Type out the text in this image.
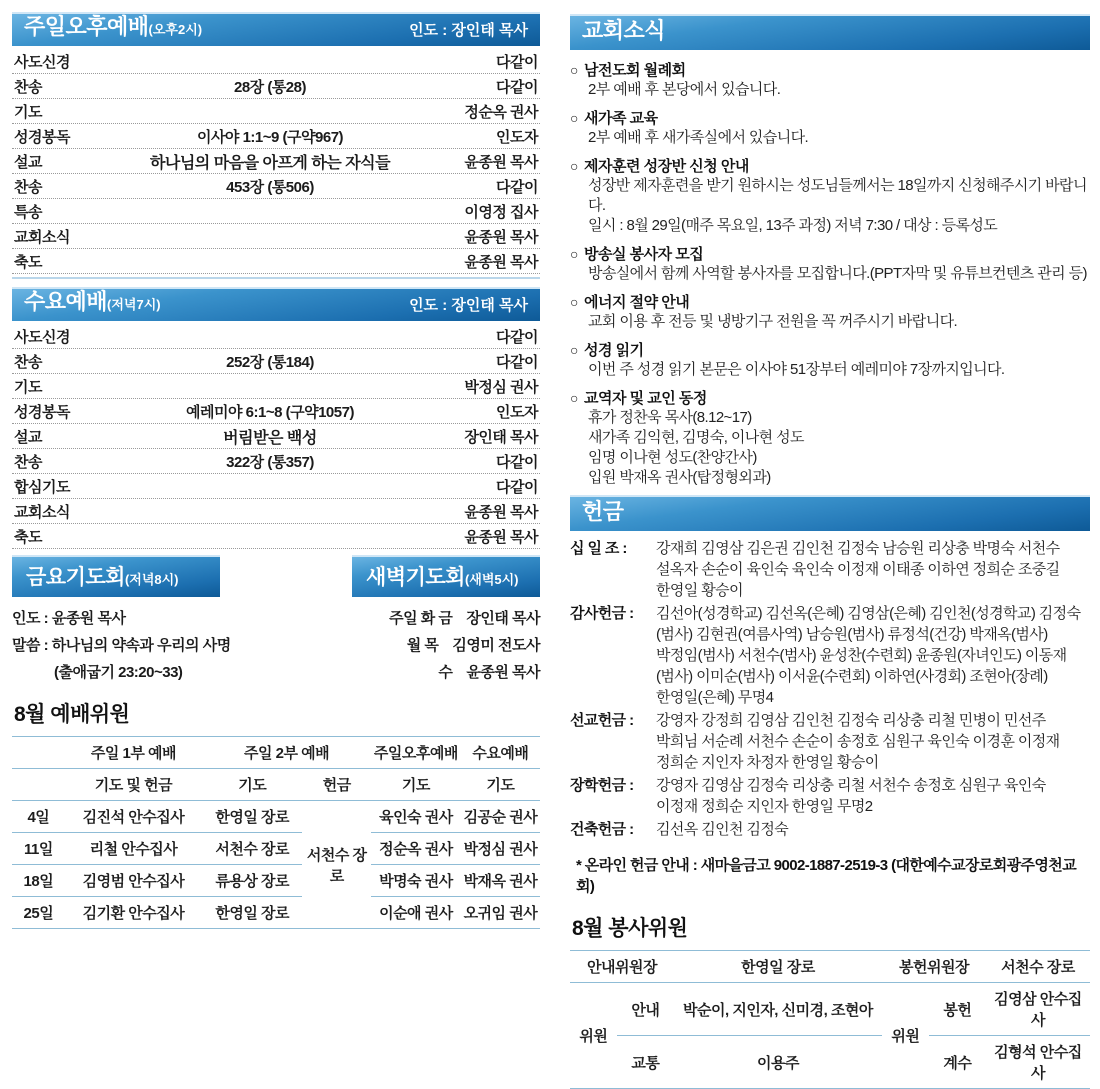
주일오후예배 (오후2시)	인도 : 장인태 목사
사도신경	다같이
찬송	28장 (통28)	다같이
기도	정순옥 권사
성경봉독	이사야 1:1~9 (구약967)	인도자
설교	하나님의 마음을 아프게 하는 자식들	윤종원 목사
찬송	453장 (통506)	다같이
특송	이영정 집사
교회소식	윤종원 목사
축도	윤종원 목사
수요예배 (저녁7시)	인도 : 장인태 목사
사도신경	다같이
찬송	252장 (통184)	다같이
기도	박정심 권사
성경봉독	예레미야 6:1~8 (구약1057)	인도자
설교	버림받은 백성	장인태 목사
찬송	322장 (통357)	다같이
합심기도	다같이
교회소식	윤종원 목사
축도	윤종원 목사
금요기도회 (저녁8시)	새벽기도회 (새벽5시)
인도 : 윤종원 목사
말씀 : 하나님의 약속과 우리의 사명
(출애굽기 23:20~33)
주일 화 금 장인태 목사
월 목 김영미 전도사
수 윤종원 목사
8월 예배위원
	주일 1부 예배	주일 2부 예배		주일오후예배	수요예배
	기도 및 헌금	기도	헌금	기도	기도
4일	김진석 안수집사	한영일 장로	서천수 장로	육인숙 권사	김공순 권사
11일	리철 안수집사	서천수 장로		정순옥 권사	박정심 권사
18일	김영범 안수집사	류용상 장로		박명숙 권사	박재옥 권사
25일	김기환 안수집사	한영일 장로		이순애 권사	오귀임 권사
교회소식
○ 남전도회 월례회
2부 예배 후 본당에서 있습니다.
○ 새가족 교육
2부 예배 후 새가족실에서 있습니다.
○ 제자훈련 성장반 신청 안내
성장반 제자훈련을 받기 원하시는 성도님들께서는 18일까지 신청해주시기 바랍니다.
일시 : 8월 29일(매주 목요일, 13주 과정) 저녁 7:30 / 대상 : 등록성도
○ 방송실 봉사자 모집
방송실에서 함께 사역할 봉사자를 모집합니다.(PPT자막 및 유튜브컨텐츠 관리 등)
○ 에너지 절약 안내
교회 이용 후 전등 및 냉방기구 전원을 꼭 꺼주시기 바랍니다.
○ 성경 읽기
이번 주 성경 읽기 본문은 이사야 51장부터 예레미야 7장까지입니다.
○ 교역자 및 교인 동정
휴가 정찬욱 목사(8.12~17)
새가족 김익현, 김명숙, 이나현 성도
임명 이나현 성도(찬양간사)
입원 박재옥 권사(탑정형외과)
헌금
십 일 조 :	강재희 김영삼 김은권 김인천 김정숙 남승원 리상충 박명숙 서천수 설옥자 손순이 육인숙 육인숙 이정재 이태종 이하연 정희순 조중길 한영일 황승이
감사헌금 :	김선아(성경학교) 김선옥(은혜) 김영삼(은혜) 김인천(성경학교) 김정숙(범사) 김현권(여름사역) 남승원(범사) 류정석(건강) 박재옥(범사) 박정임(범사) 서천수(범사) 윤성찬(수련회) 윤종원(자녀인도) 이동재(범사) 이미순(범사) 이서윤(수련회) 이하연(사경회) 조현아(장례) 한영일(은혜) 무명4
선교헌금 :	강영자 강정희 김영삼 김인천 김정숙 리상충 리철 민병이 민선주 박희님 서순례 서천수 손순이 송정호 심원구 육인숙 이경훈 이정재 정희순 지인자 차정자 한영일 황승이
장학헌금 :	강영자 김영삼 김정숙 리상충 리철 서천수 송정호 심원구 육인숙 이정재 정희순 지인자 한영일 무명2
건축헌금 :	김선옥 김인천 김정숙
* 온라인 헌금 안내 : 새마을금고 9002-1887-2519-3 (대한예수교장로회광주영천교회)
8월 봉사위원
안내위원장		한영일 장로	봉헌위원장		서천수 장로
위원	안내	박순이, 지인자, 신미경, 조현아	위원	봉헌	김영삼 안수집사
	교통	이용주		계수	김형석 안수집사
